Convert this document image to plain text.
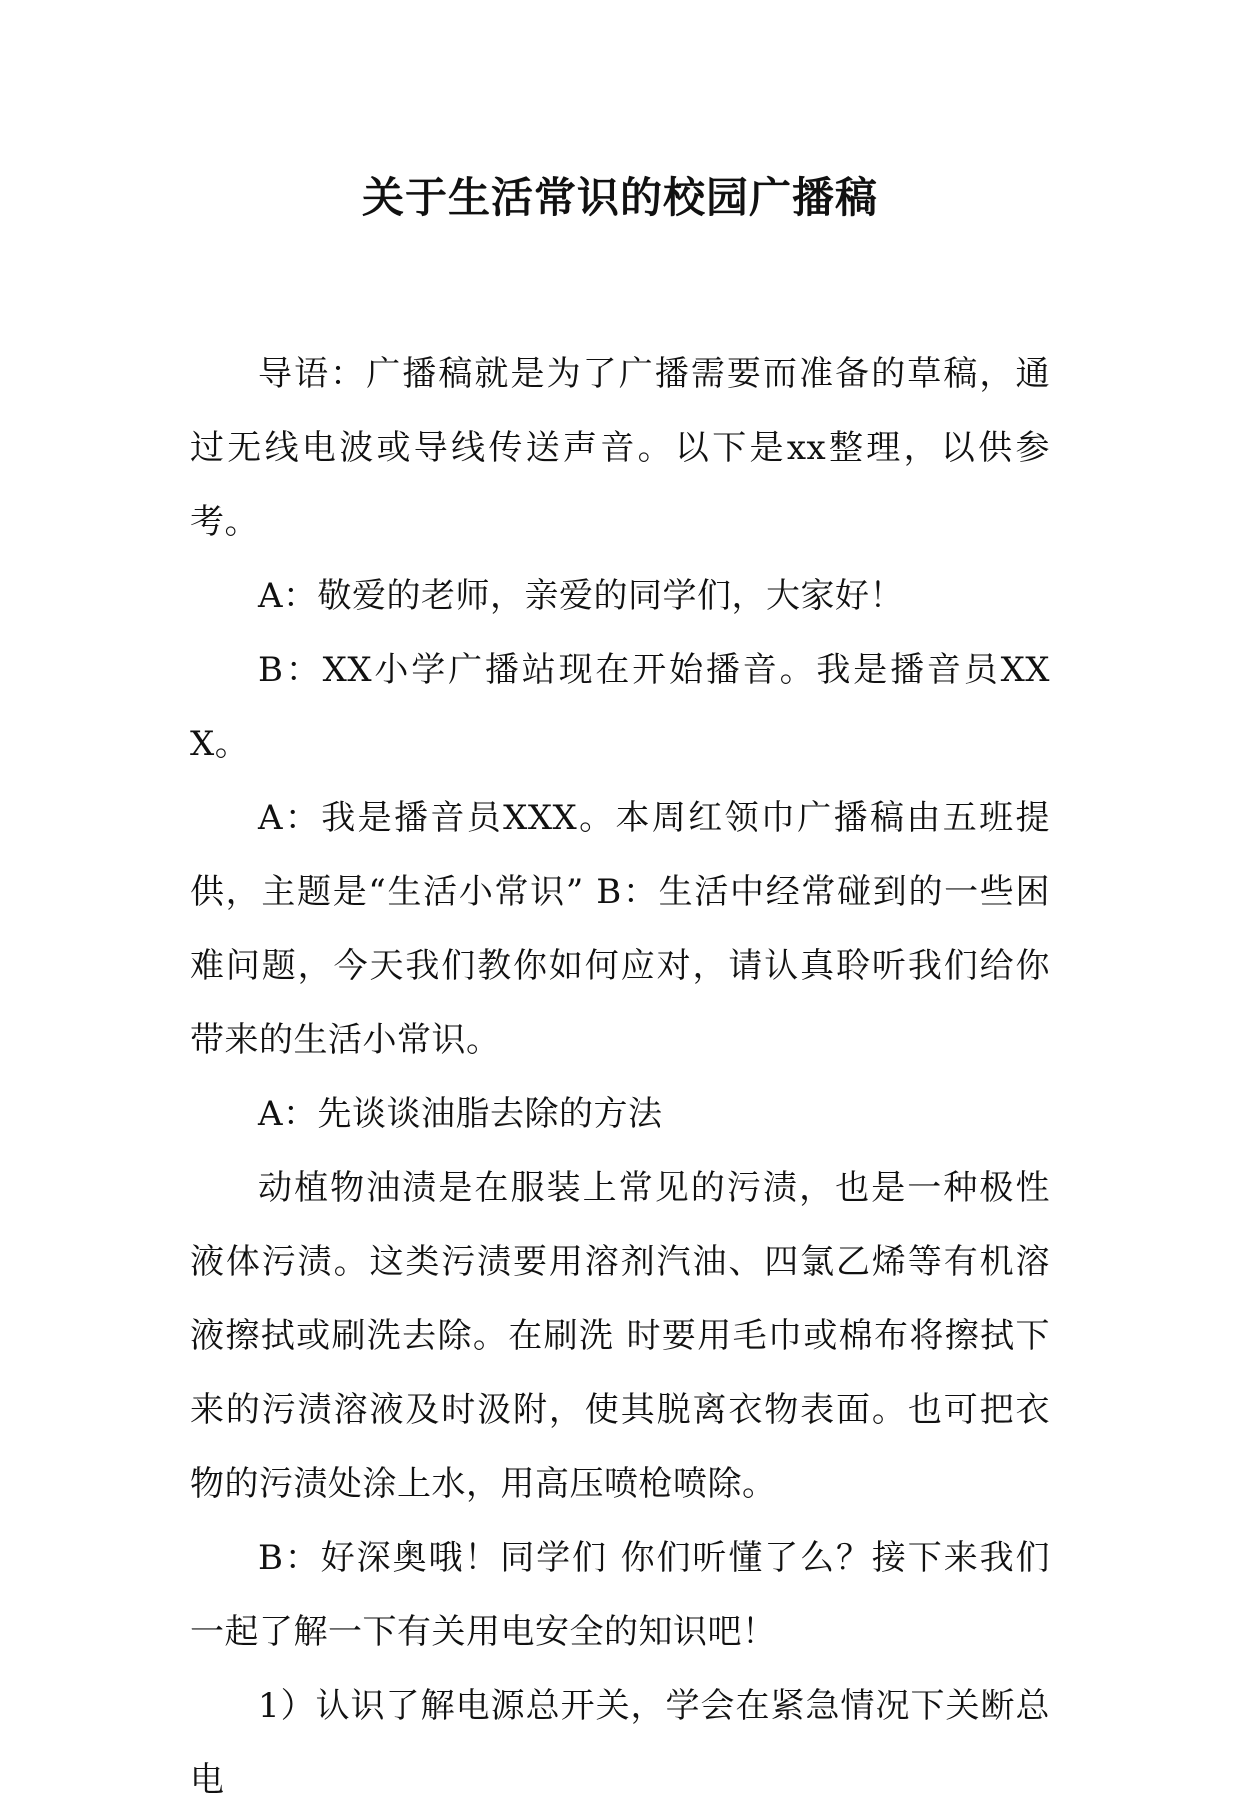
关于生活常识的校园广播稿

导语：广播稿就是为了广播需要而准备的草稿，通过无线电波或导线传送声音。以下是xx整理，以供参考。

A：敬爱的老师，亲爱的同学们，大家好！

B：XX小学广播站现在开始播音。我是播音员XXX。

A：我是播音员XXX。本周红领巾广播稿由五班提供，主题是“生活小常识” B：生活中经常碰到的一些困难问题，今天我们教你如何应对，请认真聆听我们给你带来的生活小常识。

A：先谈谈油脂去除的方法

动植物油渍是在服装上常见的污渍，也是一种极性液体污渍。这类污渍要用溶剂汽油、四氯乙烯等有机溶液擦拭或刷洗去除。在刷洗 时要用毛巾或棉布将擦拭下来的污渍溶液及时汲附，使其脱离衣物表面。也可把衣物的污渍处涂上水，用高压喷枪喷除。

B：好深奥哦！同学们 你们听懂了么？接下来我们一起了解一下有关用电安全的知识吧！

1）认识了解电源总开关，学会在紧急情况下关断总电
